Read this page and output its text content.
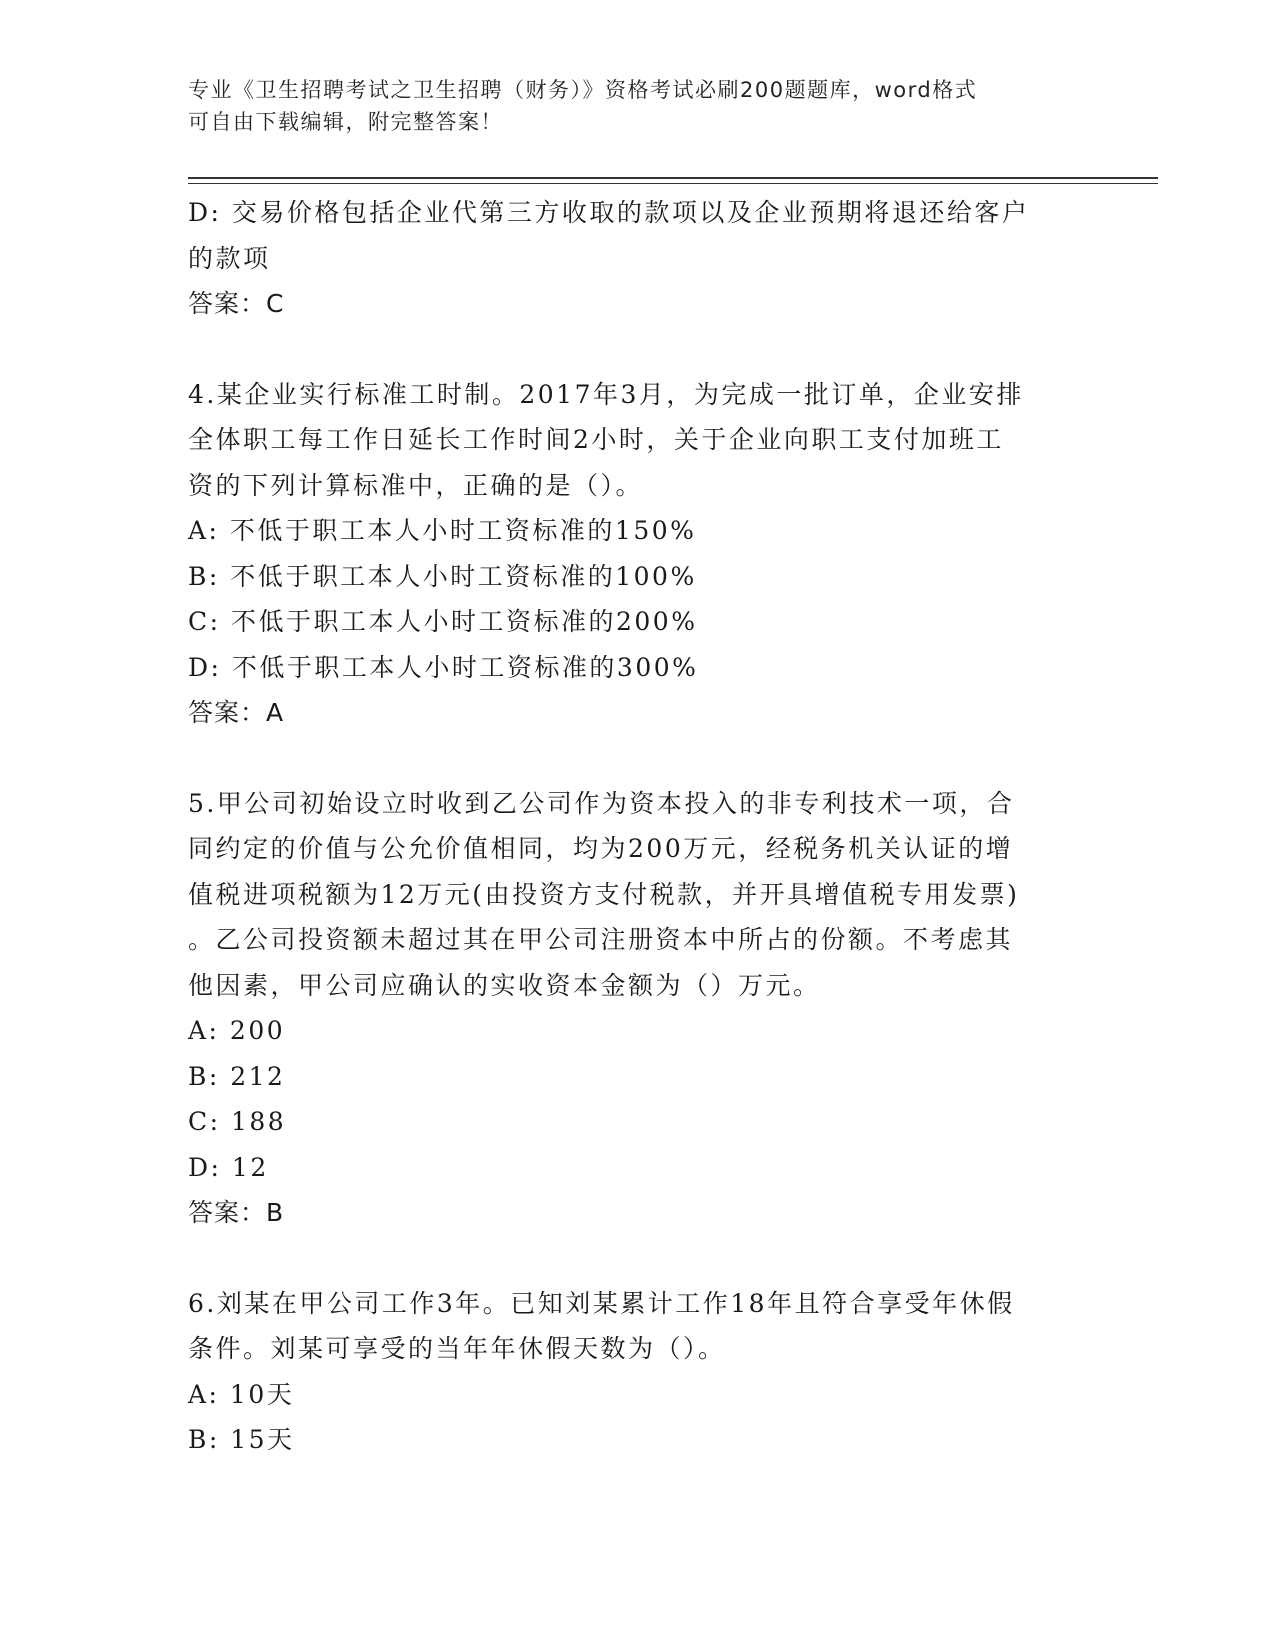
专业《卫生招聘考试之卫生招聘（财务）》资格考试必刷200题题库，word格式
可自由下载编辑，附完整答案！

D: 交易价格包括企业代第三方收取的款项以及企业预期将退还给客户

的款项

答案：C

4.某企业实行标准工时制。2017年3月，为完成一批订单，企业安排

全体职工每工作日延长工作时间2小时，关于企业向职工支付加班工

资的下列计算标准中，正确的是（）。

A: 不低于职工本人小时工资标准的150%

B: 不低于职工本人小时工资标准的100%

C: 不低于职工本人小时工资标准的200%

D: 不低于职工本人小时工资标准的300%

答案：A

5.甲公司初始设立时收到乙公司作为资本投入的非专利技术一项，合

同约定的价值与公允价值相同，均为200万元，经税务机关认证的增

值税进项税额为12万元(由投资方支付税款，并开具增值税专用发票)

。乙公司投资额未超过其在甲公司注册资本中所占的份额。不考虑其

他因素，甲公司应确认的实收资本金额为（）万元。

A: 200

B: 212

C: 188

D: 12

答案：B

6.刘某在甲公司工作3年。已知刘某累计工作18年且符合享受年休假

条件。刘某可享受的当年年休假天数为（）。

A: 10天

B: 15天
